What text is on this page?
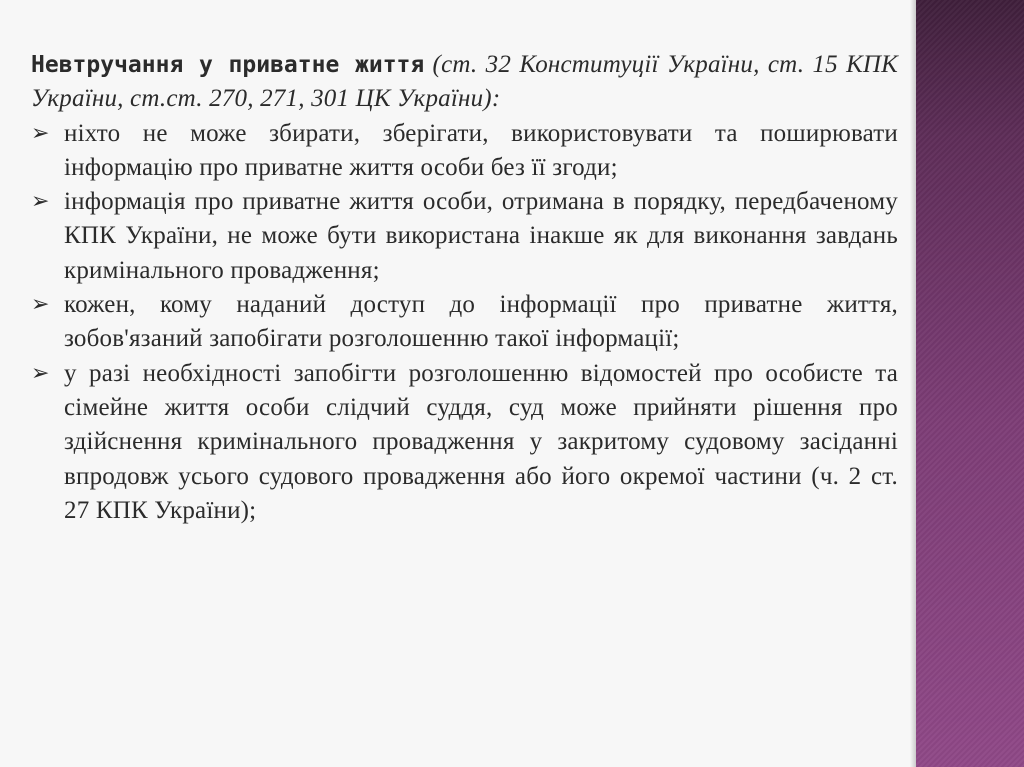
Невтручання у приватне життя (ст. 32 Конституції України, ст. 15 КПК України, ст.ст. 270, 271, 301 ЦК України):

➢ ніхто не може збирати, зберігати, використовувати та поширювати інформацію про приватне життя особи без її згоди;
➢ інформація про приватне життя особи, отримана в порядку, передбаченому КПК України, не може бути використана інакше як для виконання завдань кримінального провадження;
➢ кожен, кому наданий доступ до інформації про приватне життя, зобов'язаний запобігати розголошенню такої інформації;
➢ у разі необхідності запобігти розголошенню відомостей про особисте та сімейне життя особи слідчий суддя, суд може прийняти рішення про здійснення кримінального провадження у закритому судовому засіданні впродовж усього судового провадження або його окремої частини (ч. 2 ст. 27 КПК України);
